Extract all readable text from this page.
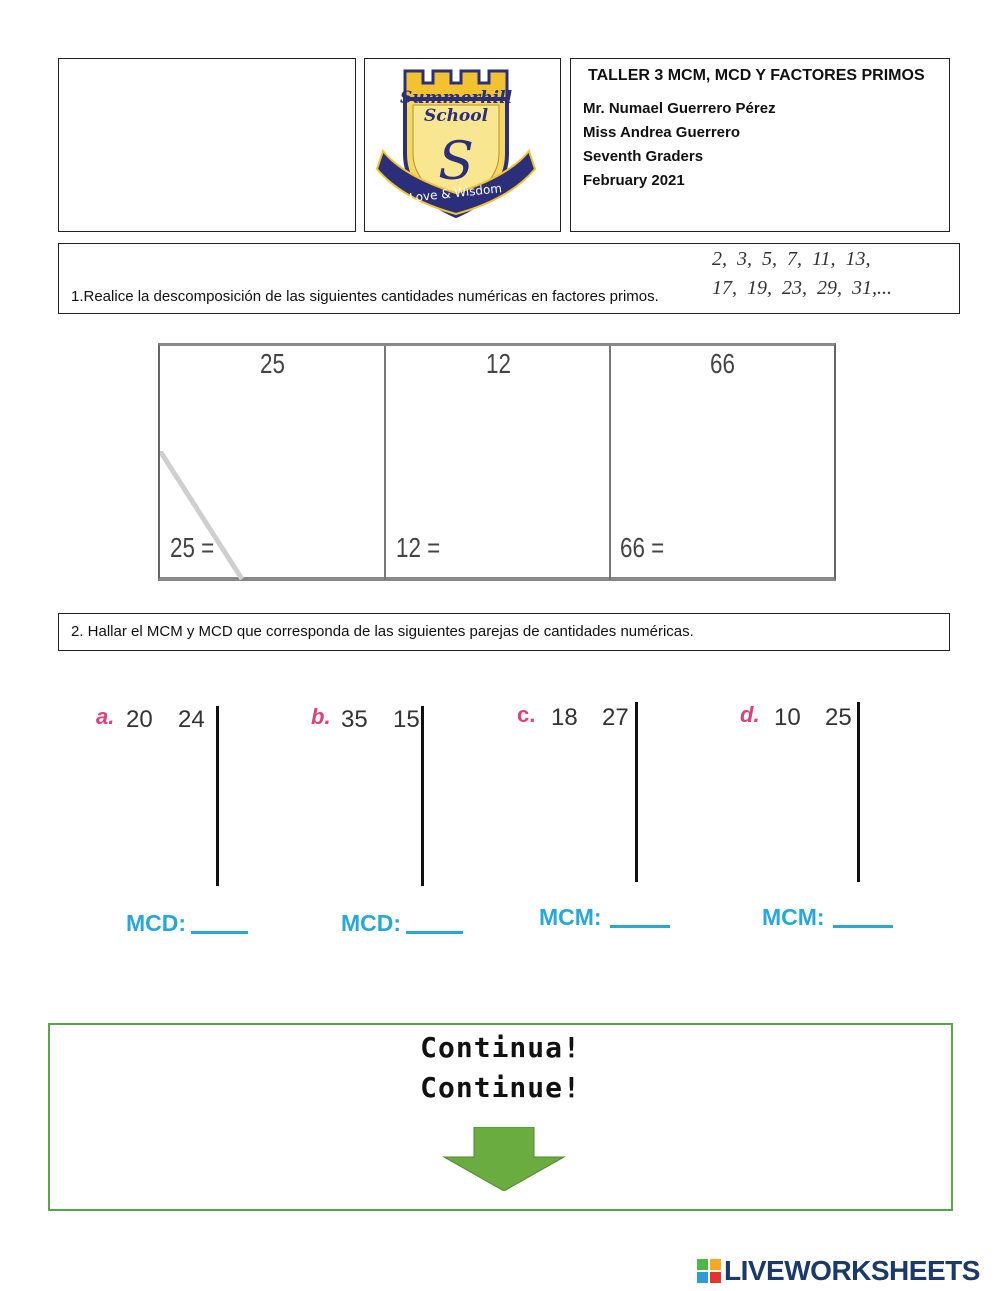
Summerhill
School
S
Love & Wisdom
TALLER 3 MCM, MCD Y FACTORES PRIMOS
Mr. Numael Guerrero Pérez
Miss Andrea Guerrero
Seventh Graders
February 2021
1.Realice la descomposición de las siguientes cantidades numéricas en factores primos.
2,  3,  5,  7,  11,  13,
17,  19,  23,  29,  31,...
25	12	66
25 =	12 =	66 =
2. Hallar el MCM y MCD que corresponda de las siguientes parejas de cantidades numéricas.
a. 20 24
MCD:
b. 35 15
MCD:
c. 18 27
MCM:
d. 10 25
MCM:
Continua!
Continue!
LIVEWORKSHEETS
